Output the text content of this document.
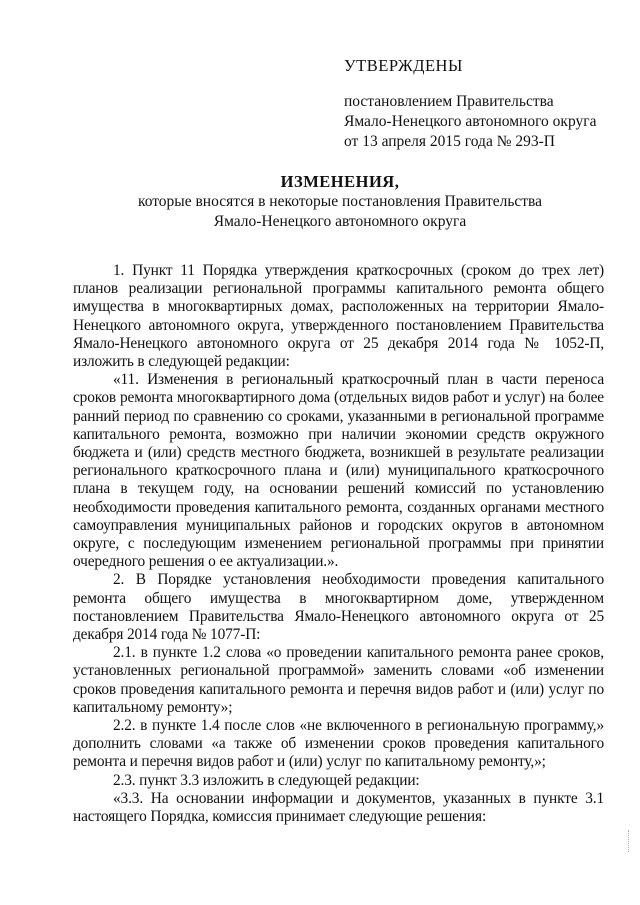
УТВЕРЖДЕНЫ
постановлением Правительства
Ямало-Ненецкого автономного округа
от 13 апреля 2015 года № 293-П
ИЗМЕНЕНИЯ,
которые вносятся в некоторые постановления Правительства
Ямало-Ненецкого автономного округа

1. Пункт 11 Порядка утверждения краткосрочных (сроком до трех лет) планов реализации региональной программы капитального ремонта общего имущества в многоквартирных домах, расположенных на территории Ямало-Ненецкого автономного округа, утвержденного постановлением Правительства Ямало-Ненецкого автономного округа от 25 декабря 2014 года № 1052-П, изложить в следующей редакции:

«11. Изменения в региональный краткосрочный план в части переноса сроков ремонта многоквартирного дома (отдельных видов работ и услуг) на более ранний период по сравнению со сроками, указанными в региональной программе капитального ремонта, возможно при наличии экономии средств окружного бюджета и (или) средств местного бюджета, возникшей в результате реализации регионального краткосрочного плана и (или) муниципального краткосрочного плана в текущем году, на основании решений комиссий по установлению необходимости проведения капитального ремонта, созданных органами местного самоуправления муниципальных районов и городских округов в автономном округе, с последующим изменением региональной программы при принятии очередного решения о ее актуализации.».

2. В Порядке установления необходимости проведения капитального ремонта общего имущества в многоквартирном доме, утвержденном постановлением Правительства Ямало-Ненецкого автономного округа от 25 декабря 2014 года № 1077-П:

2.1. в пункте 1.2 слова «о проведении капитального ремонта ранее сроков, установленных региональной программой» заменить словами «об изменении сроков проведения капитального ремонта и перечня видов работ и (или) услуг по капитальному ремонту»;

2.2. в пункте 1.4 после слов «не включенного в региональную программу,» дополнить словами «а также об изменении сроков проведения капитального ремонта и перечня видов работ и (или) услуг по капитальному ремонту,»;

2.3. пункт 3.3 изложить в следующей редакции:

«3.3. На основании информации и документов, указанных в пункте 3.1 настоящего Порядка, комиссия принимает следующие решения:
